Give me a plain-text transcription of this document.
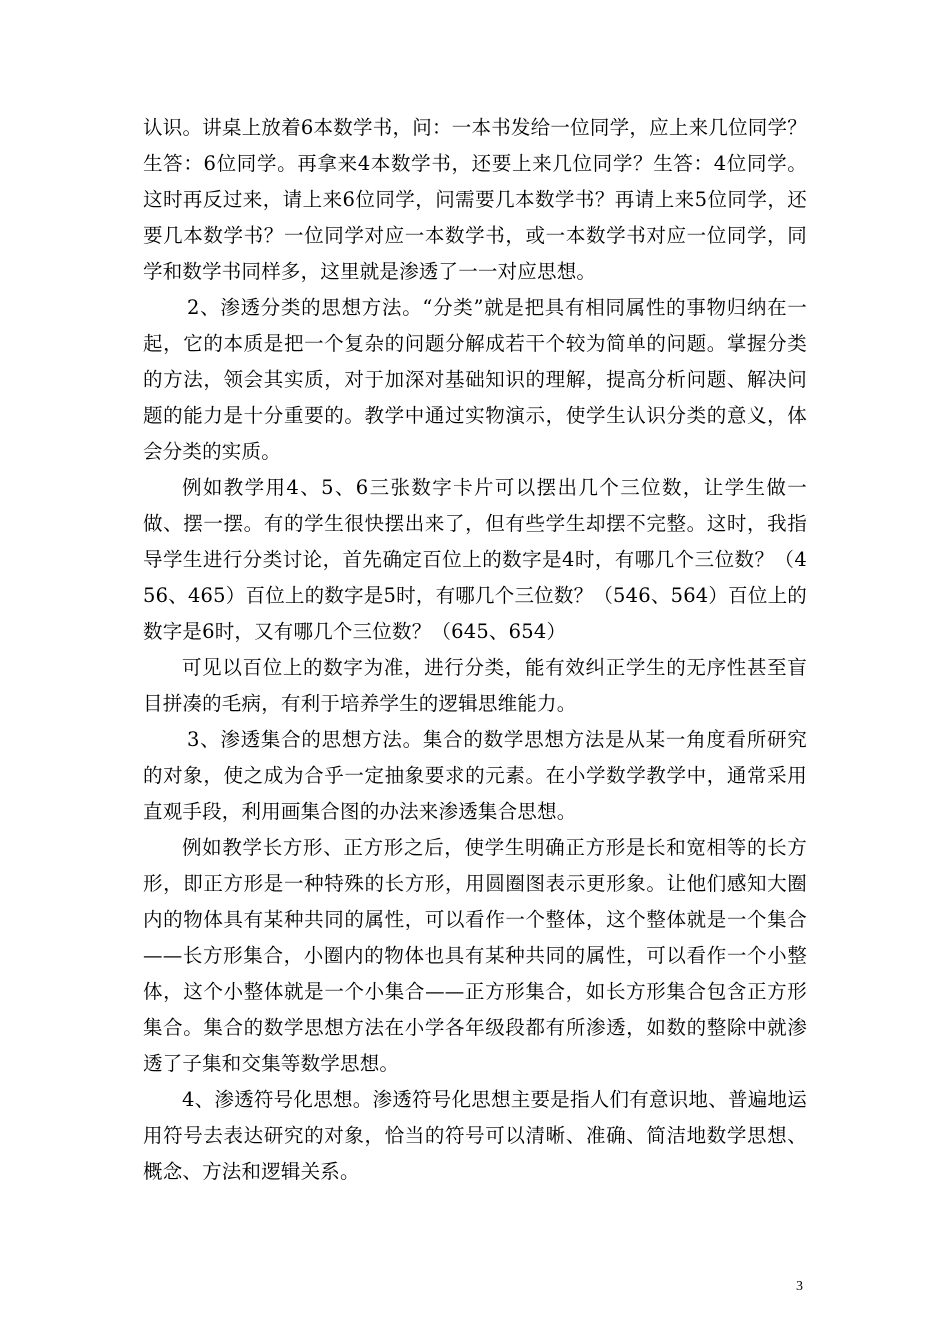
认识。讲桌上放着6本数学书，问：一本书发给一位同学，应上来几位同学？生答：6位同学。再拿来4本数学书，还要上来几位同学？生答：4位同学。这时再反过来，请上来6位同学，问需要几本数学书？再请上来5位同学，还要几本数学书？一位同学对应一本数学书，或一本数学书对应一位同学，同学和数学书同样多，这里就是渗透了一一对应思想。

2、渗透分类的思想方法。“分类”就是把具有相同属性的事物归纳在一起，它的本质是把一个复杂的问题分解成若干个较为简单的问题。掌握分类的方法，领会其实质，对于加深对基础知识的理解，提高分析问题、解决问题的能力是十分重要的。教学中通过实物演示，使学生认识分类的意义，体会分类的实质。

例如教学用4、5、6三张数字卡片可以摆出几个三位数，让学生做一做、摆一摆。有的学生很快摆出来了，但有些学生却摆不完整。这时，我指导学生进行分类讨论，首先确定百位上的数字是4时，有哪几个三位数？（456、465）百位上的数字是5时，有哪几个三位数？（546、564）百位上的数字是6时，又有哪几个三位数？（645、654）

可见以百位上的数字为准，进行分类，能有效纠正学生的无序性甚至盲目拼凑的毛病，有利于培养学生的逻辑思维能力。

3、渗透集合的思想方法。集合的数学思想方法是从某一角度看所研究的对象，使之成为合乎一定抽象要求的元素。在小学数学教学中，通常采用直观手段，利用画集合图的办法来渗透集合思想。

例如教学长方形、正方形之后，使学生明确正方形是长和宽相等的长方形，即正方形是一种特殊的长方形，用圆圈图表示更形象。让他们感知大圈内的物体具有某种共同的属性，可以看作一个整体，这个整体就是一个集合——长方形集合，小圈内的物体也具有某种共同的属性，可以看作一个小整体，这个小整体就是一个小集合——正方形集合，如长方形集合包含正方形集合。集合的数学思想方法在小学各年级段都有所渗透，如数的整除中就渗透了子集和交集等数学思想。

4、渗透符号化思想。渗透符号化思想主要是指人们有意识地、普遍地运用符号去表达研究的对象，恰当的符号可以清晰、准确、简洁地数学思想、概念、方法和逻辑关系。

3
